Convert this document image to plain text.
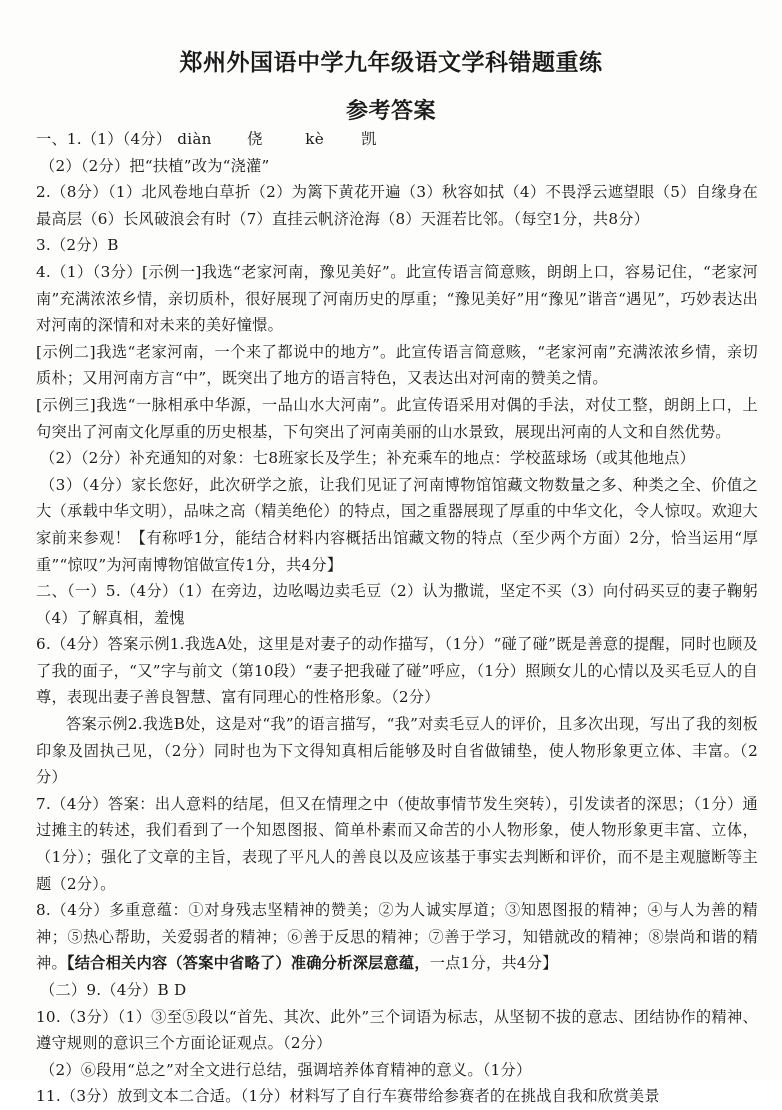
郑州外国语中学九年级语文学科错题重练
参考答案

一、1.（1）（4分） diàn 侥	kè 凯

（2）（2分）把“扶植”改为“浇灌”

2.（8分）（1）北风卷地白草折（2）为篱下黄花开遍（3）秋容如拭（4）不畏浮云遮望眼（5）自缘身在最高层（6）长风破浪会有时（7）直挂云帆济沧海（8）天涯若比邻。（每空1分，共8分）

3.（2分）B

4.（1）（3分）[示例一]我选“老家河南，豫见美好”。此宣传语言简意赅，朗朗上口，容易记住，“老家河南”充满浓浓乡情，亲切质朴，很好展现了河南历史的厚重；“豫见美好”用“豫见”谐音“遇见”，巧妙表达出对河南的深情和对未来的美好憧憬。

[示例二]我选“老家河南，一个来了都说中的地方”。此宣传语言简意赅，“老家河南”充满浓浓乡情，亲切质朴；又用河南方言“中”，既突出了地方的语言特色，又表达出对河南的赞美之情。

[示例三]我选“一脉相承中华源，一品山水大河南”。此宣传语采用对偶的手法，对仗工整，朗朗上口，上句突出了河南文化厚重的历史根基，下句突出了河南美丽的山水景致，展现出河南的人文和自然优势。

（2）（2分）补充通知的对象：七8班家长及学生；补充乘车的地点：学校蓝球场（或其他地点）

（3）（4分）家长您好，此次研学之旅，让我们见证了河南博物馆馆藏文物数量之多、种类之全、价值之大（承载中华文明），品味之高（精美绝伦）的特点，国之重器展现了厚重的中华文化，令人惊叹。欢迎大家前来参观！【有称呼1分，能结合材料内容概括出馆藏文物的特点（至少两个方面）2分，恰当运用“厚重”“惊叹”为河南博物馆做宣传1分，共4分】

二、（一）5.（4分）（1）在旁边，边吆喝边卖毛豆（2）认为撒谎，坚定不买（3）向付码买豆的妻子鞠躬（4）了解真相，羞愧

6.（4分）答案示例1.我选A处，这里是对妻子的动作描写，（1分）“碰了碰”既是善意的提醒，同时也顾及了我的面子，“又”字与前文（第10段）“妻子把我碰了碰”呼应，（1分）照顾女儿的心情以及买毛豆人的自尊，表现出妻子善良智慧、富有同理心的性格形象。（2分）

答案示例2.我选B处，这是对“我”的语言描写，“我”对卖毛豆人的评价，且多次出现，写出了我的刻板印象及固执己见，（2分）同时也为下文得知真相后能够及时自省做铺垫，使人物形象更立体、丰富。（2分）

7.（4分）答案：出人意料的结尾，但又在情理之中（使故事情节发生突转），引发读者的深思；（1分）通过摊主的转述，我们看到了一个知恩图报、简单朴素而又命苦的小人物形象，使人物形象更丰富、立体，（1分）；强化了文章的主旨，表现了平凡人的善良以及应该基于事实去判断和评价，而不是主观臆断等主题（2分）。

8.（4分）多重意蕴：①对身残志坚精神的赞美；②为人诚实厚道；③知恩图报的精神；④与人为善的精神；⑤热心帮助，关爱弱者的精神；⑥善于反思的精神；⑦善于学习，知错就改的精神；⑧崇尚和谐的精神。【结合相关内容（答案中省略了）准确分析深层意蕴，一点1分，共4分】

（二）9.（4分）B D

10.（3分）（1）③至⑤段以“首先、其次、此外”三个词语为标志，从坚韧不拔的意志、团结协作的精神、遵守规则的意识三个方面论证观点。（2分）

（2）⑥段用“总之”对全文进行总结，强调培养体育精神的意义。（1分）

11.（3分）放到文本二合适。（1分）材料写了自行车赛带给参赛者的在挑战自我和欣赏美景
